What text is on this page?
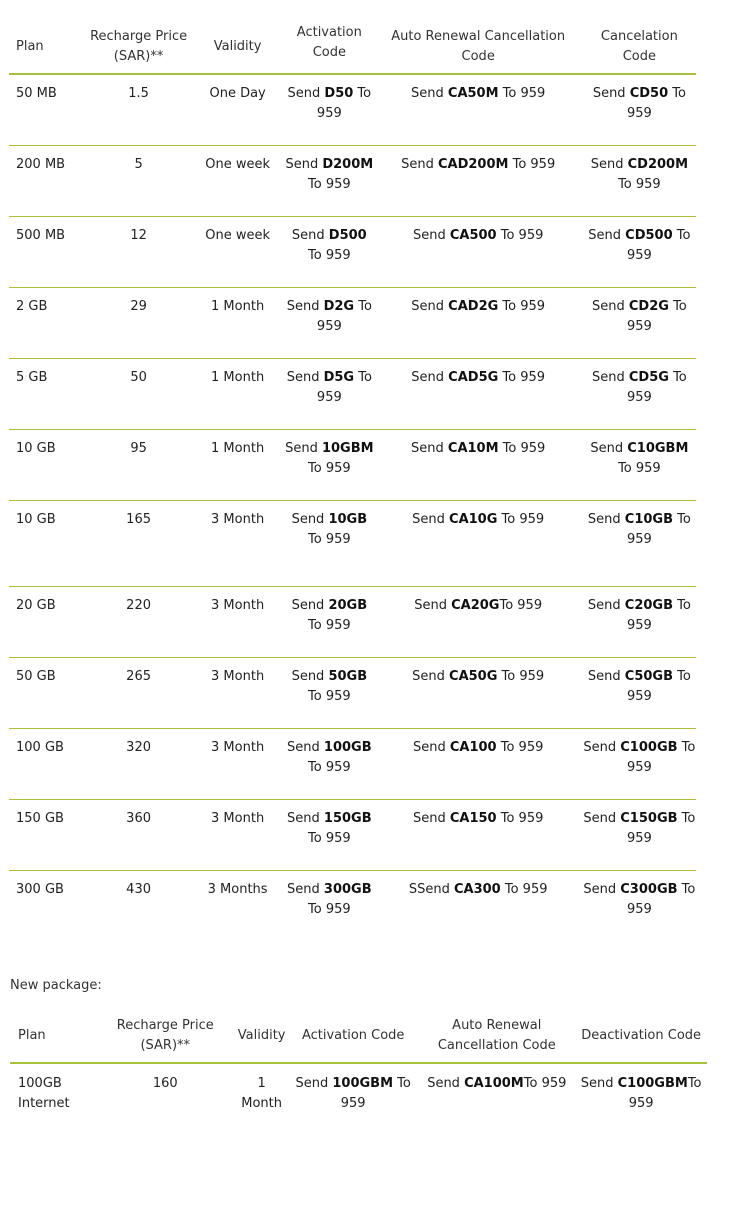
Plan	Recharge Price (SAR)**	Validity	Activation Code	Auto Renewal Cancellation Code	Cancelation Code
50 MB	1.5	One Day	Send D50 To 959	Send CA50M To 959	Send CD50 To 959
200 MB	5	One week	Send D200M To 959	Send CAD200M To 959	Send CD200M To 959
500 MB	12	One week	Send D500 To 959	Send CA500 To 959	Send CD500 To 959
2 GB	29	1 Month	Send D2G To 959	Send CAD2G To 959	Send CD2G To 959
5 GB	50	1 Month	Send D5G To 959	Send CAD5G To 959	Send CD5G To 959
10 GB	95	1 Month	Send 10GBM To 959	Send CA10M To 959	Send C10GBM To 959
10 GB	165	3 Month	Send 10GB To 959	Send CA10G To 959	Send C10GB To 959
20 GB	220	3 Month	Send 20GB To 959	Send CA20GTo 959	Send C20GB To 959
50 GB	265	3 Month	Send 50GB To 959	Send CA50G To 959	Send C50GB To 959
100 GB	320	3 Month	Send 100GB To 959	Send CA100 To 959	Send C100GB To 959
150 GB	360	3 Month	Send 150GB To 959	Send CA150 To 959	Send C150GB To 959
300 GB	430	3 Months	Send 300GB To 959	SSend CA300 To 959	Send C300GB To 959
New package:
Plan	Recharge Price (SAR)**	Validity	Activation Code	Auto Renewal Cancellation Code	Deactivation Code
100GB Internet	160	1 Month	Send 100GBM To 959	Send CA100MTo 959	Send C100GBMTo 959
